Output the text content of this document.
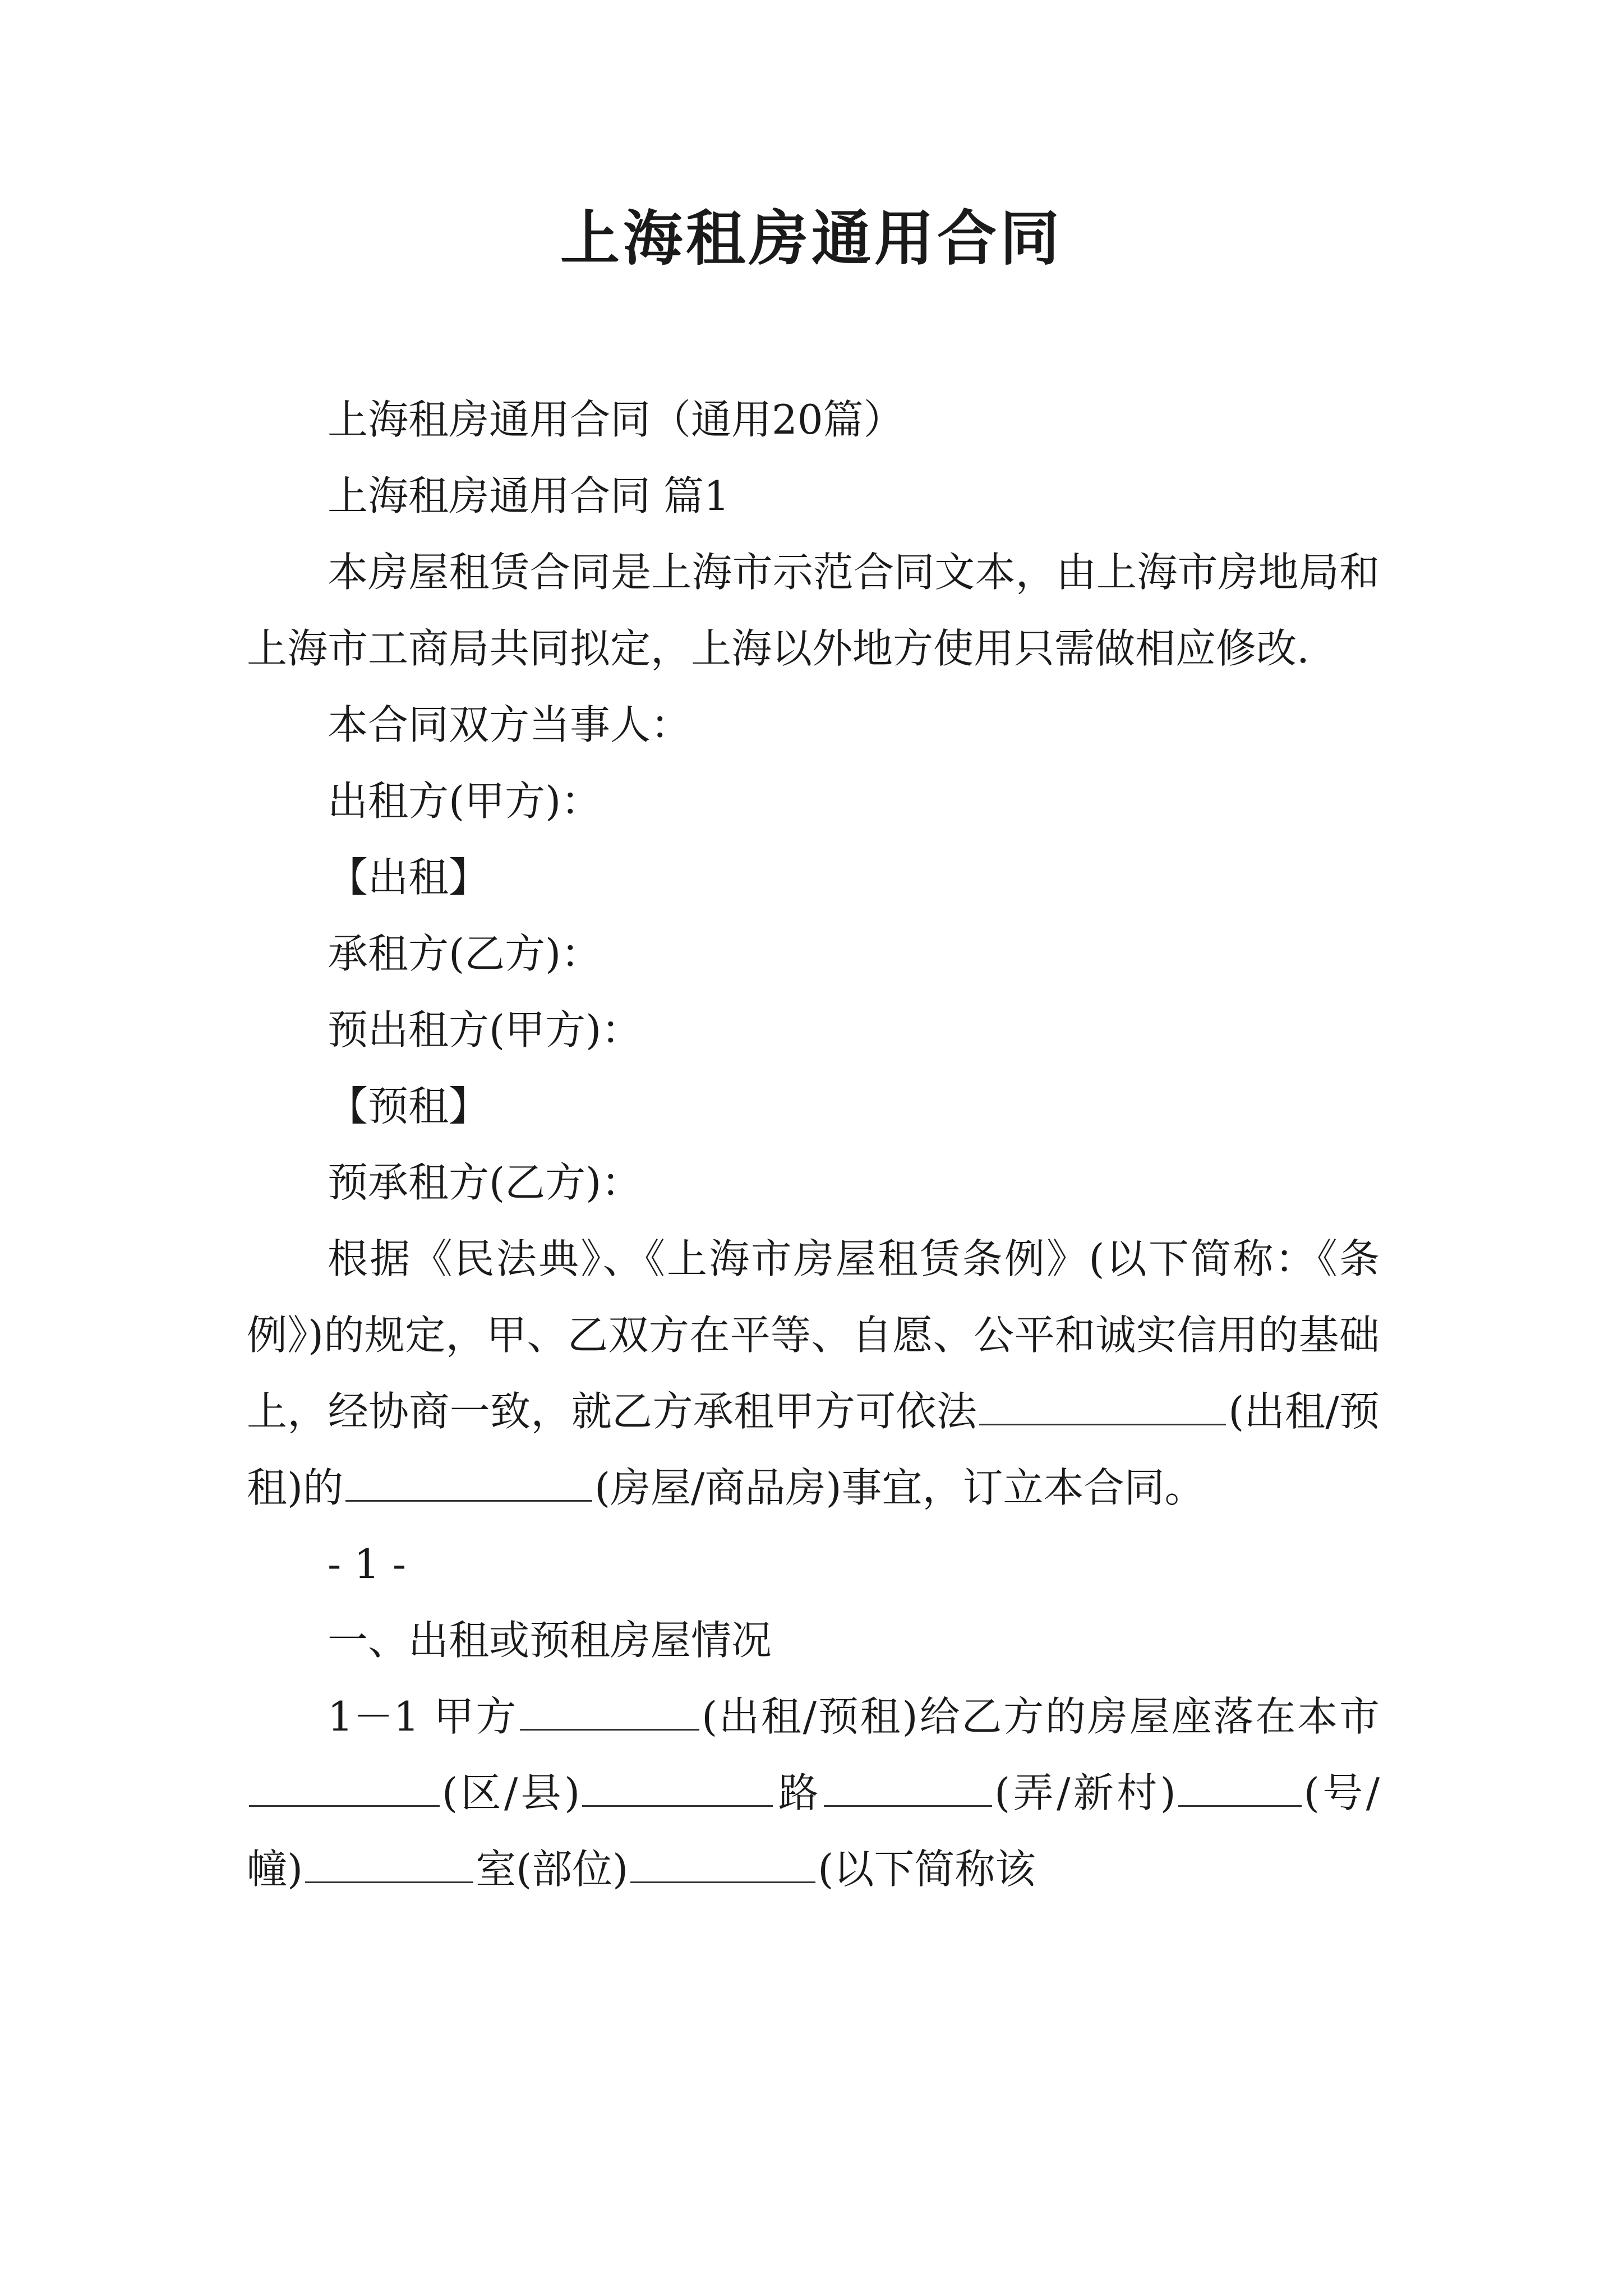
上海租房通用合同

上海租房通用合同（通用20篇）

上海租房通用合同 篇1

本房屋租赁合同是上海市示范合同文本，由上海市房地局和上海市工商局共同拟定，上海以外地方使用只需做相应修改.

本合同双方当事人：

出租方(甲方)：

【出租】

承租方(乙方)：

预出租方(甲方)：

【预租】

预承租方(乙方)：

根据《民法典》、《上海市房屋租赁条例》(以下简称：《条例》)的规定，甲、乙双方在平等、自愿、公平和诚实信用的基础上，经协商一致，就乙方承租甲方可依法	(出租/预租)的	(房屋/商品房)事宜，订立本合同。

- 1 -

一、出租或预租房屋情况

1－1 甲方	(出租/预租)给乙方的房屋座落在本市(区/县)	路	(弄/新村)	(号/幢)	室(部位)	(以下简称该
